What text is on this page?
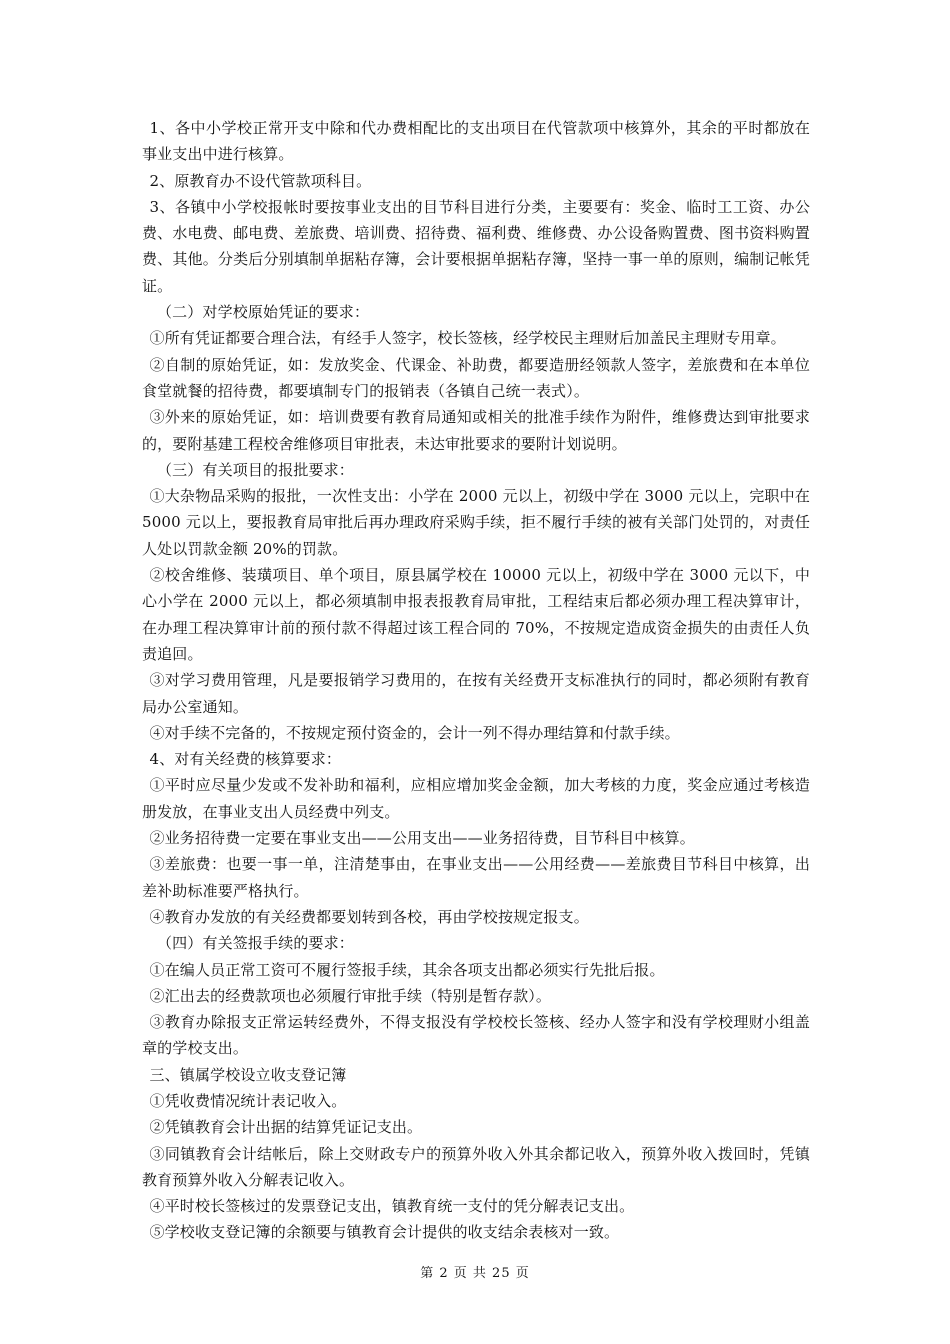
1、各中小学校正常开支中除和代办费相配比的支出项目在代管款项中核算外，其余的平时都放在事业支出中进行核算。

2、原教育办不设代管款项科目。

3、各镇中小学校报帐时要按事业支出的目节科目进行分类，主要要有：奖金、临时工工资、办公费、水电费、邮电费、差旅费、培训费、招待费、福利费、维修费、办公设备购置费、图书资料购置费、其他。分类后分别填制单据粘存簿，会计要根据单据粘存簿，坚持一事一单的原则，编制记帐凭证。

（二）对学校原始凭证的要求：

①所有凭证都要合理合法，有经手人签字，校长签核，经学校民主理财后加盖民主理财专用章。

②自制的原始凭证，如：发放奖金、代课金、补助费，都要造册经领款人签字，差旅费和在本单位食堂就餐的招待费，都要填制专门的报销表（各镇自己统一表式）。

③外来的原始凭证，如：培训费要有教育局通知或相关的批准手续作为附件，维修费达到审批要求的，要附基建工程校舍维修项目审批表，未达审批要求的要附计划说明。

（三）有关项目的报批要求：

①大杂物品采购的报批，一次性支出：小学在 2000 元以上，初级中学在 3000 元以上，完职中在 5000 元以上，要报教育局审批后再办理政府采购手续，拒不履行手续的被有关部门处罚的，对责任人处以罚款金额 20%的罚款。

②校舍维修、装璜项目、单个项目，原县属学校在 10000 元以上，初级中学在 3000 元以下，中心小学在 2000 元以上，都必须填制申报表报教育局审批，工程结束后都必须办理工程决算审计，在办理工程决算审计前的预付款不得超过该工程合同的 70%，不按规定造成资金损失的由责任人负责追回。

③对学习费用管理，凡是要报销学习费用的，在按有关经费开支标准执行的同时，都必须附有教育局办公室通知。

④对手续不完备的，不按规定预付资金的，会计一列不得办理结算和付款手续。

4、对有关经费的核算要求：

①平时应尽量少发或不发补助和福利，应相应增加奖金金额，加大考核的力度，奖金应通过考核造册发放，在事业支出人员经费中列支。

②业务招待费一定要在事业支出——公用支出——业务招待费，目节科目中核算。

③差旅费：也要一事一单，注清楚事由，在事业支出——公用经费——差旅费目节科目中核算，出差补助标准要严格执行。

④教育办发放的有关经费都要划转到各校，再由学校按规定报支。

（四）有关签报手续的要求：

①在编人员正常工资可不履行签报手续，其余各项支出都必须实行先批后报。

②汇出去的经费款项也必须履行审批手续（特别是暂存款）。

③教育办除报支正常运转经费外，不得支报没有学校校长签核、经办人签字和没有学校理财小组盖章的学校支出。

三、镇属学校设立收支登记簿

①凭收费情况统计表记收入。

②凭镇教育会计出据的结算凭证记支出。

③同镇教育会计结帐后，除上交财政专户的预算外收入外其余都记收入，预算外收入拨回时，凭镇教育预算外收入分解表记收入。

④平时校长签核过的发票登记支出，镇教育统一支付的凭分解表记支出。

⑤学校收支登记簿的余额要与镇教育会计提供的收支结余表核对一致。

第 2 页 共 25 页
